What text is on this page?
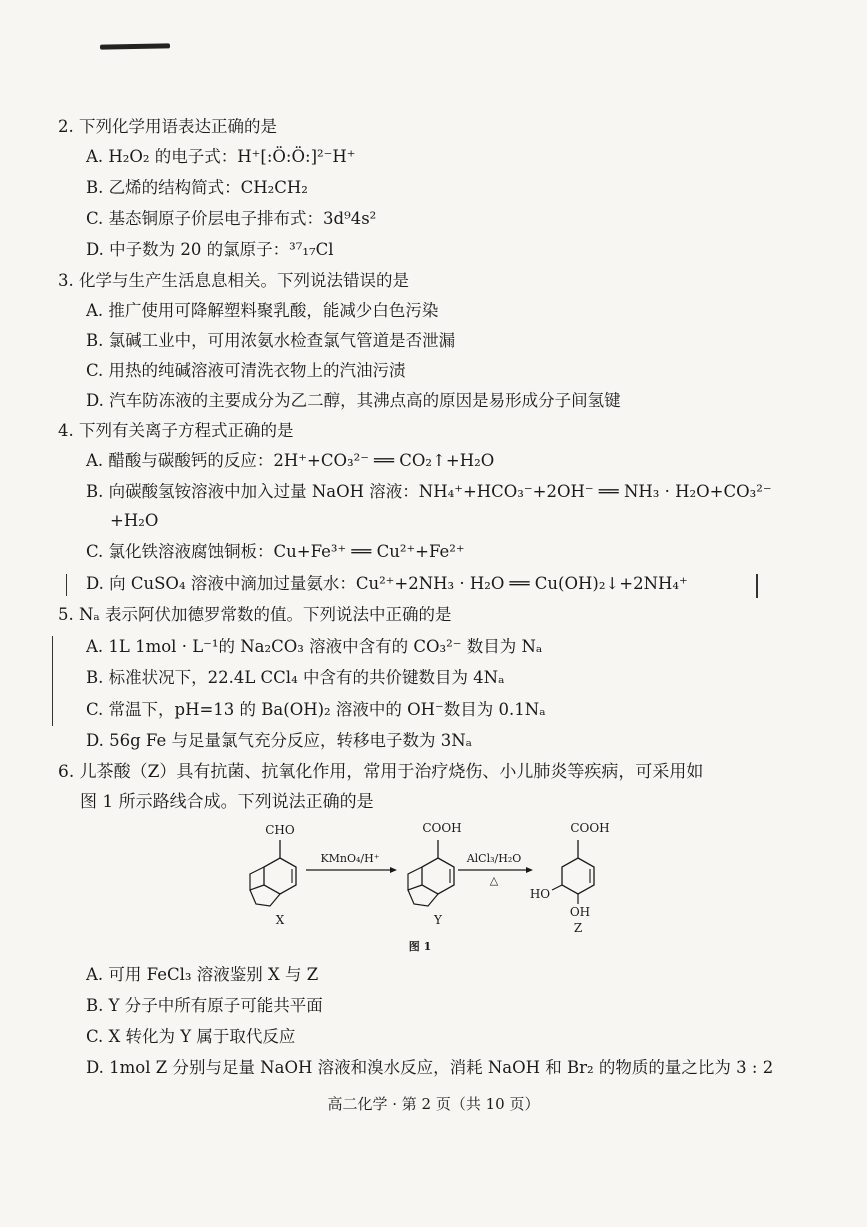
2. 下列化学用语表达正确的是
A. H₂O₂ 的电子式：H⁺[:Ö:Ö:]²⁻H⁺
B. 乙烯的结构简式：CH₂CH₂
C. 基态铜原子价层电子排布式：3d⁹4s²
D. 中子数为 20 的氯原子：³⁷₁₇Cl
3. 化学与生产生活息息相关。下列说法错误的是
A. 推广使用可降解塑料聚乳酸，能减少白色污染
B. 氯碱工业中，可用浓氨水检查氯气管道是否泄漏
C. 用热的纯碱溶液可清洗衣物上的汽油污渍
D. 汽车防冻液的主要成分为乙二醇，其沸点高的原因是易形成分子间氢键
4. 下列有关离子方程式正确的是
A. 醋酸与碳酸钙的反应：2H⁺+CO₃²⁻ ══ CO₂↑+H₂O
B. 向碳酸氢铵溶液中加入过量 NaOH 溶液：NH₄⁺+HCO₃⁻+2OH⁻ ══ NH₃ · H₂O+CO₃²⁻
+H₂O
C. 氯化铁溶液腐蚀铜板：Cu+Fe³⁺ ══ Cu²⁺+Fe²⁺
D. 向 CuSO₄ 溶液中滴加过量氨水：Cu²⁺+2NH₃ · H₂O ══ Cu(OH)₂↓+2NH₄⁺
5. Nₐ 表示阿伏加德罗常数的值。下列说法中正确的是
A. 1L 1mol · L⁻¹的 Na₂CO₃ 溶液中含有的 CO₃²⁻ 数目为 Nₐ
B. 标准状况下，22.4L CCl₄ 中含有的共价键数目为 4Nₐ
C. 常温下，pH=13 的 Ba(OH)₂ 溶液中的 OH⁻数目为 0.1Nₐ
D. 56g Fe 与足量氯气充分反应，转移电子数为 3Nₐ
6. 儿茶酸（Z）具有抗菌、抗氧化作用，常用于治疗烧伤、小儿肺炎等疾病，可采用如
图 1 所示路线合成。下列说法正确的是
CHO
X
KMnO₄/H⁺
COOH
Y
AlCl₃/H₂O
△
COOH
HO
OH
Z
图 1
A. 可用 FeCl₃ 溶液鉴别 X 与 Z
B. Y 分子中所有原子可能共平面
C. X 转化为 Y 属于取代反应
D. 1mol Z 分别与足量 NaOH 溶液和溴水反应，消耗 NaOH 和 Br₂ 的物质的量之比为 3 : 2
高二化学 · 第 2 页（共 10 页）
